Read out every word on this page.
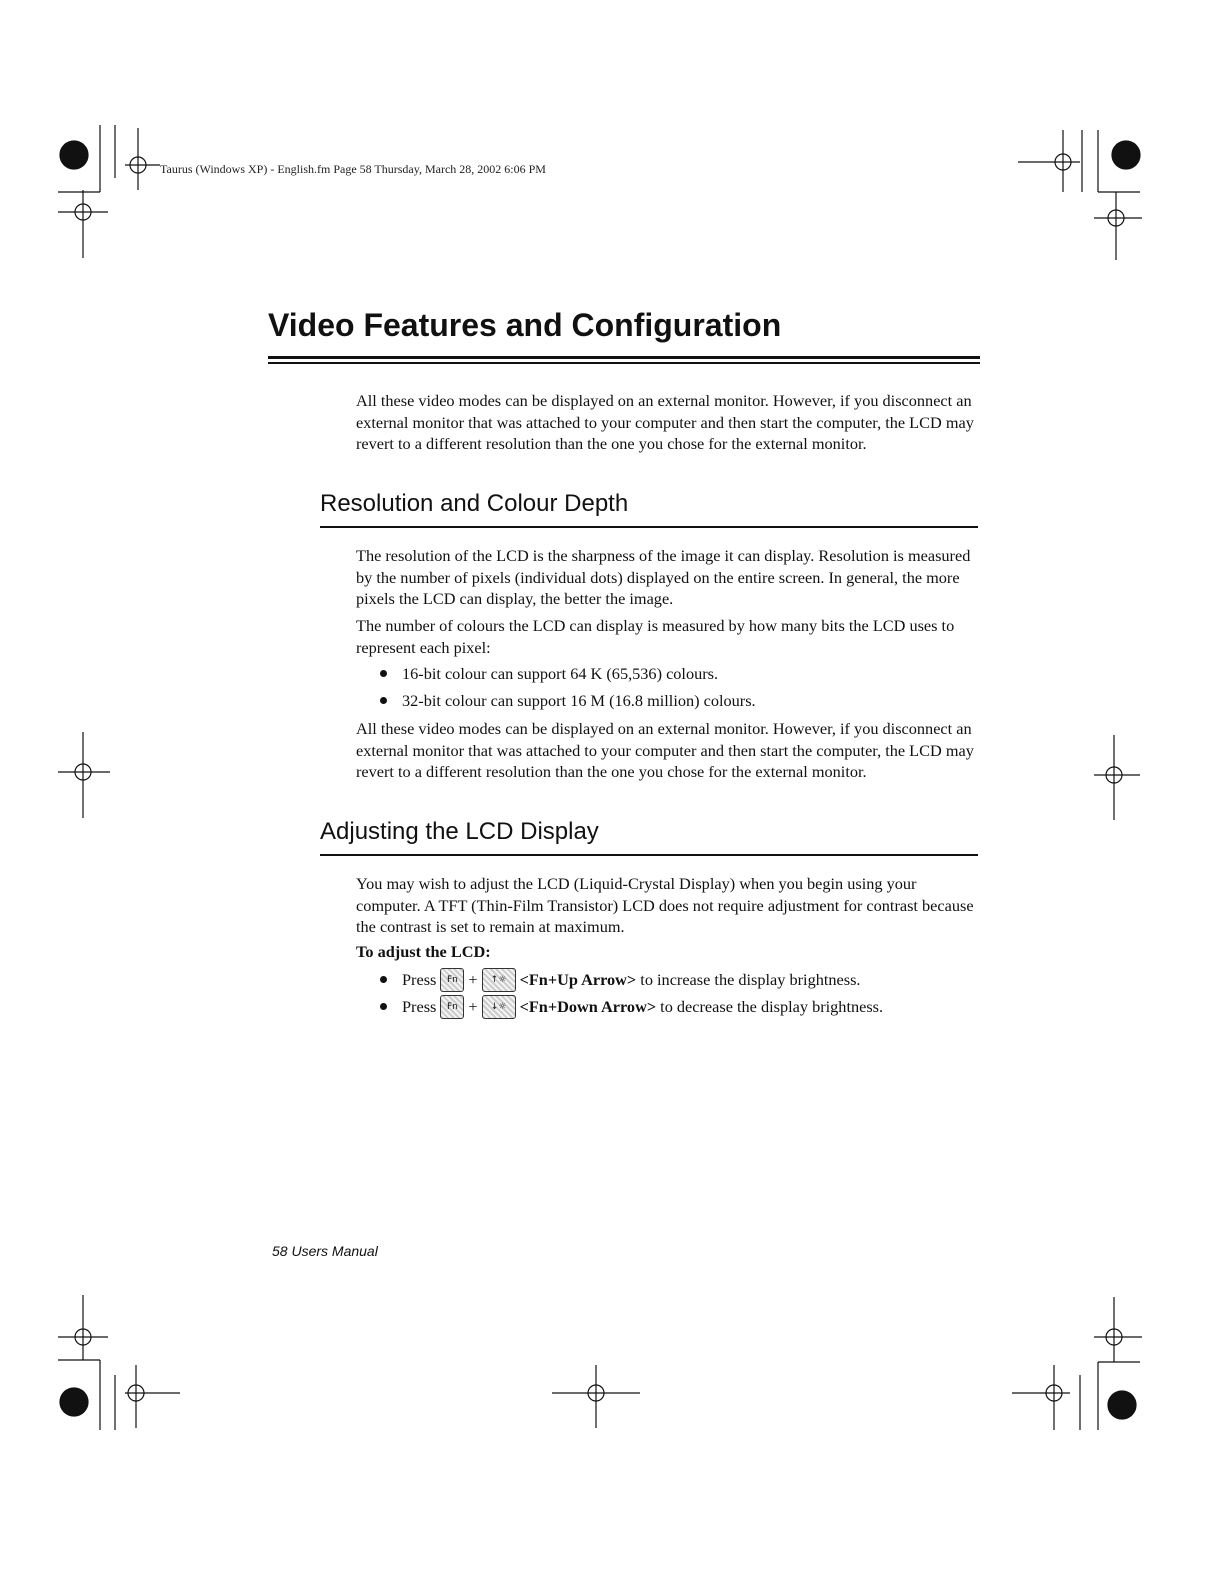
Taurus (Windows XP) - English.fm Page 58 Thursday, March 28, 2002 6:06 PM
Video Features and Configuration

All these video modes can be displayed on an external monitor. However, if you disconnect an external monitor that was attached to your computer and then start the computer, the LCD may revert to a different resolution than the one you chose for the external monitor.

Resolution and Colour Depth

The resolution of the LCD is the sharpness of the image it can display. Resolution is measured by the number of pixels (individual dots) displayed on the entire screen. In general, the more pixels the LCD can display, the better the image.

The number of colours the LCD can display is measured by how many bits the LCD uses to represent each pixel:

16-bit colour can support 64 K (65,536) colours.
32-bit colour can support 16 M (16.8 million) colours.

All these video modes can be displayed on an external monitor. However, if you disconnect an external monitor that was attached to your computer and then start the computer, the LCD may revert to a different resolution than the one you chose for the external monitor.

Adjusting the LCD Display

You may wish to adjust the LCD (Liquid-Crystal Display) when you begin using your computer. A TFT (Thin-Film Transistor) LCD does not require adjustment for contrast because the contrast is set to remain at maximum.

To adjust the LCD:
Press	Fn +	↑☼ <Fn+Up Arrow> to increase the display brightness.
Press	Fn +	↓☼ <Fn+Down Arrow> to decrease the display brightness.
58 Users Manual
